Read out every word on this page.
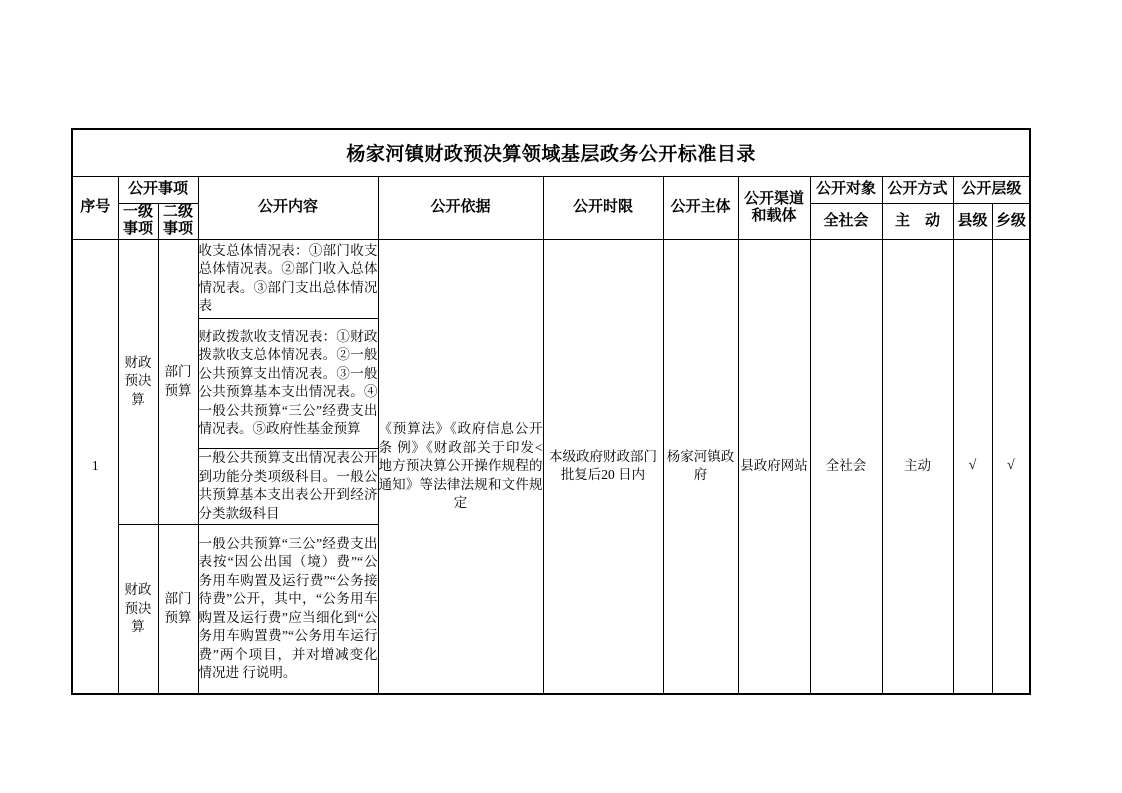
杨家河镇财政预决算领域基层政务公开标准目录											
序号	公开事项		公开内容	公开依据	公开时限	公开主体	公开渠道和载体	公开对象	公开方式	公开层级	
	一级事项	二级事项						全社会	主　动	县级	乡级
1	财政预决算	部门预算	收支总体情况表：①部门收支总体情况表。②部门收入总体情况表。③部门支出总体情况表	《预算法》《政府信息公开条 例》《财政部关于印发<地方预决算公开操作规程的通知》等法律法规和文件规定	本级政府财政部门批复后20 日内	杨家河镇政府	县政府网站	全社会	主动	√	√
			财政拨款收支情况表：①财政拨款收支总体情况表。②一般公共预算支出情况表。③一般公共预算基本支出情况表。④一般公共预算“三公”经费支出情况表。⑤政府性基金预算								
			一般公共预算支出情况表公开到功能分类项级科目。一般公共预算基本支出表公开到经济分类款级科目								
	财政预决算	部门预算	一般公共预算“三公”经费支出表按“因公出国（境）费”“公务用车购置及运行费”“公务接待费”公开，其中，“公务用车购置及运行费”应当细化到“公务用车购置费”“公务用车运行费”两个项目，并对增减变化情况进 行说明。								
